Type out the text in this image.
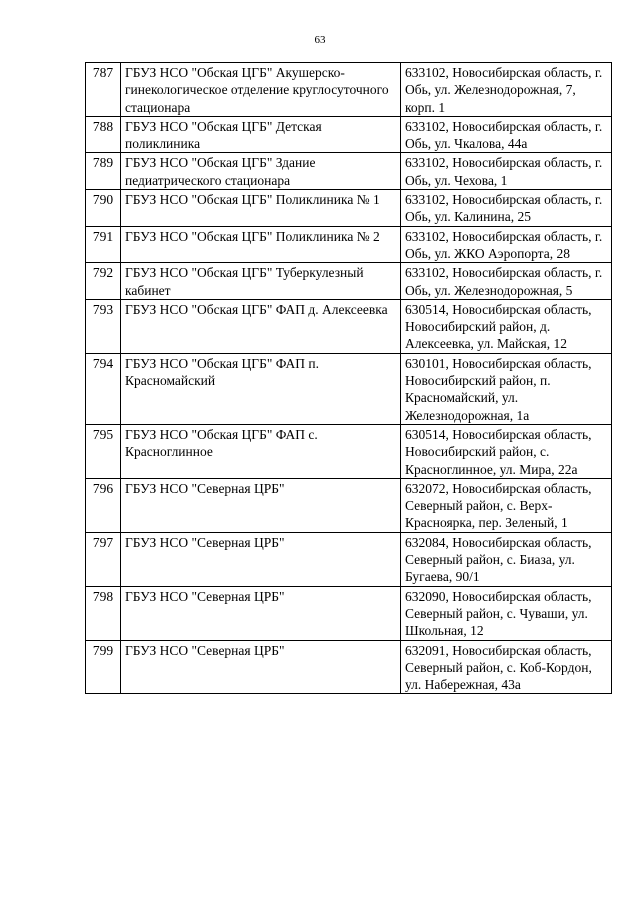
63
787	ГБУЗ НСО "Обская ЦГБ" Акушерско-гинекологическое отделение круглосуточного стационара	633102, Новосибирская область, г. Обь, ул. Железнодорожная, 7, корп. 1
788	ГБУЗ НСО "Обская ЦГБ" Детская поликлиника	633102, Новосибирская область, г. Обь, ул. Чкалова, 44а
789	ГБУЗ НСО "Обская ЦГБ" Здание педиатрического стационара	633102, Новосибирская область, г. Обь, ул. Чехова, 1
790	ГБУЗ НСО "Обская ЦГБ" Поликлиника № 1	633102, Новосибирская область, г. Обь, ул. Калинина, 25
791	ГБУЗ НСО "Обская ЦГБ" Поликлиника № 2	633102, Новосибирская область, г. Обь, ул. ЖКО Аэропорта, 28
792	ГБУЗ НСО "Обская ЦГБ" Туберкулезный кабинет	633102, Новосибирская область, г. Обь, ул. Железнодорожная, 5
793	ГБУЗ НСО "Обская ЦГБ" ФАП д. Алексеевка	630514, Новосибирская область, Новосибирский район, д. Алексеевка, ул. Майская, 12
794	ГБУЗ НСО "Обская ЦГБ" ФАП п. Красномайский	630101, Новосибирская область, Новосибирский район, п. Красномайский, ул. Железнодорожная, 1а
795	ГБУЗ НСО "Обская ЦГБ" ФАП с. Красноглинное	630514, Новосибирская область, Новосибирский район, с. Красноглинное, ул. Мира, 22а
796	ГБУЗ НСО "Северная ЦРБ"	632072, Новосибирская область, Северный район, с. Верх-Красноярка, пер. Зеленый, 1
797	ГБУЗ НСО "Северная ЦРБ"	632084, Новосибирская область, Северный район, с. Биаза, ул. Бугаева, 90/1
798	ГБУЗ НСО "Северная ЦРБ"	632090, Новосибирская область, Северный район, с. Чуваши, ул. Школьная, 12
799	ГБУЗ НСО "Северная ЦРБ"	632091, Новосибирская область, Северный район, с. Коб-Кордон, ул. Набережная, 43а
